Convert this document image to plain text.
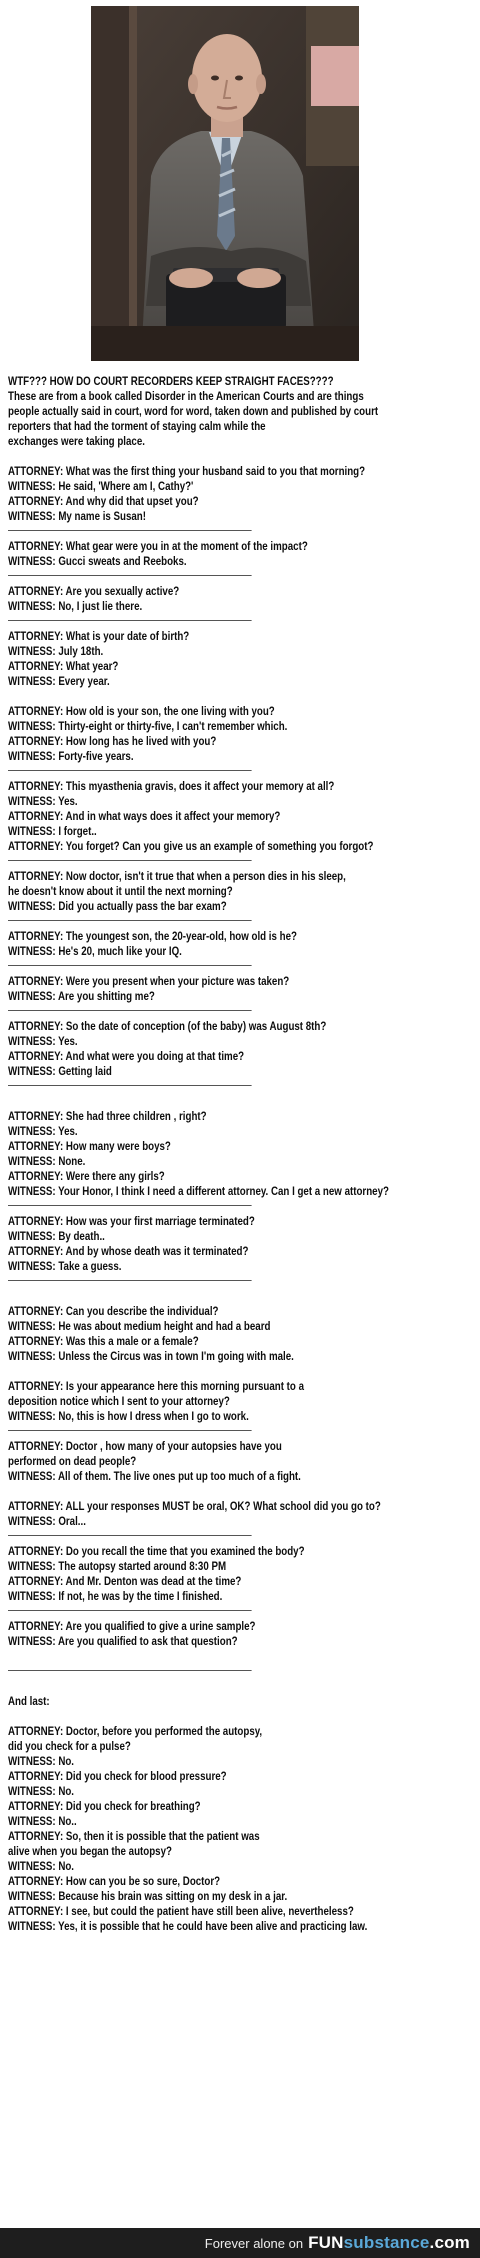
WTF??? HOW DO COURT RECORDERS KEEP STRAIGHT FACES????
These are from a book called Disorder in the American Courts and are things
people actually said in court, word for word, taken down and published by court
reporters that had the torment of staying calm while the
exchanges were taking place.
ATTORNEY: What was the first thing your husband said to you that morning?
WITNESS: He said, 'Where am I, Cathy?'
ATTORNEY: And why did that upset you?
WITNESS: My name is Susan!
ATTORNEY: What gear were you in at the moment of the impact?
WITNESS: Gucci sweats and Reeboks.
ATTORNEY: Are you sexually active?
WITNESS: No, I just lie there.
ATTORNEY: What is your date of birth?
WITNESS: July 18th.
ATTORNEY: What year?
WITNESS: Every year.
ATTORNEY: How old is your son, the one living with you?
WITNESS: Thirty-eight or thirty-five, I can't remember which.
ATTORNEY: How long has he lived with you?
WITNESS: Forty-five years.
ATTORNEY: This myasthenia gravis, does it affect your memory at all?
WITNESS: Yes.
ATTORNEY: And in what ways does it affect your memory?
WITNESS: I forget..
ATTORNEY: You forget? Can you give us an example of something you forgot?
ATTORNEY: Now doctor, isn't it true that when a person dies in his sleep,
he doesn't know about it until the next morning?
WITNESS: Did you actually pass the bar exam?
ATTORNEY: The youngest son, the 20-year-old, how old is he?
WITNESS: He's 20, much like your IQ.
ATTORNEY: Were you present when your picture was taken?
WITNESS: Are you shitting me?
ATTORNEY: So the date of conception (of the baby) was August 8th?
WITNESS: Yes.
ATTORNEY: And what were you doing at that time?
WITNESS: Getting laid
ATTORNEY: She had three children , right?
WITNESS: Yes.
ATTORNEY: How many were boys?
WITNESS: None.
ATTORNEY: Were there any girls?
WITNESS: Your Honor, I think I need a different attorney. Can I get a new attorney?
ATTORNEY: How was your first marriage terminated?
WITNESS: By death..
ATTORNEY: And by whose death was it terminated?
WITNESS: Take a guess.
ATTORNEY: Can you describe the individual?
WITNESS: He was about medium height and had a beard
ATTORNEY: Was this a male or a female?
WITNESS: Unless the Circus was in town I'm going with male.
ATTORNEY: Is your appearance here this morning pursuant to a
deposition notice which I sent to your attorney?
WITNESS: No, this is how I dress when I go to work.
ATTORNEY: Doctor , how many of your autopsies have you
performed on dead people?
WITNESS: All of them. The live ones put up too much of a fight.
ATTORNEY: ALL your responses MUST be oral, OK? What school did you go to?
WITNESS: Oral...
ATTORNEY: Do you recall the time that you examined the body?
WITNESS: The autopsy started around 8:30 PM
ATTORNEY: And Mr. Denton was dead at the time?
WITNESS: If not, he was by the time I finished.
ATTORNEY: Are you qualified to give a urine sample?
WITNESS: Are you qualified to ask that question?
And last:
ATTORNEY: Doctor, before you performed the autopsy,
did you check for a pulse?
WITNESS: No.
ATTORNEY: Did you check for blood pressure?
WITNESS: No.
ATTORNEY: Did you check for breathing?
WITNESS: No..
ATTORNEY: So, then it is possible that the patient was
alive when you began the autopsy?
WITNESS: No.
ATTORNEY: How can you be so sure, Doctor?
WITNESS: Because his brain was sitting on my desk in a jar.
ATTORNEY: I see, but could the patient have still been alive, nevertheless?
WITNESS: Yes, it is possible that he could have been alive and practicing law.
Forever alone on FUNsubstance.com
